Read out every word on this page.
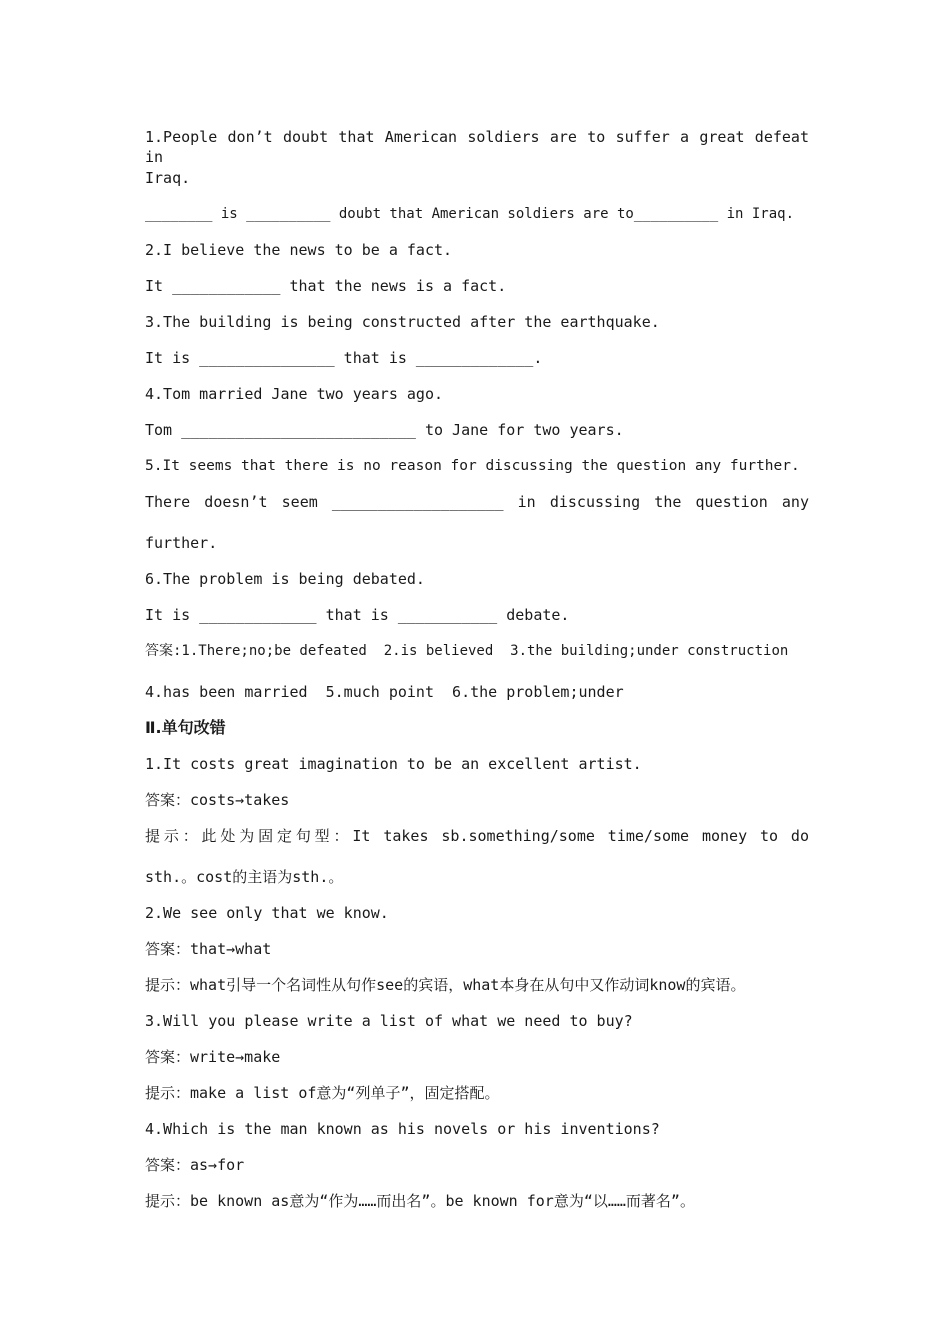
1.People don’t doubt that American soldiers are to suffer a great defeat in
Iraq.
________ is __________ doubt that American soldiers are to__________ in Iraq.
2.I believe the news to be a fact.
It ____________ that the news is a fact.
3.The building is being constructed after the earthquake.
It is _______________ that is _____________.
4.Tom married Jane two years ago.
Tom __________________________ to Jane for two years.
5.It seems that there is no reason for discussing the question any further.
There doesn’t seem ___________________ in discussing the question any
further.
6.The problem is being debated.
It is _____________ that is ___________ debate.
答案:1.There;no;be defeated  2.is believed  3.the building;under construction
4.has been married  5.much point  6.the problem;under
Ⅱ.单句改错
1.It costs great imagination to be an excellent artist.
答案：costs→takes
提示：此处为固定句型：It takes sb.something/some time/some money to do
sth.。cost的主语为sth.。
2.We see only that we know.
答案：that→what
提示：what引导一个名词性从句作see的宾语，what本身在从句中又作动词know的宾语。
3.Will you please write a list of what we need to buy?
答案：write→make
提示：make a list of意为“列单子”，固定搭配。
4.Which is the man known as his novels or his inventions?
答案：as→for
提示：be known as意为“作为……而出名”。be known for意为“以……而著名”。
